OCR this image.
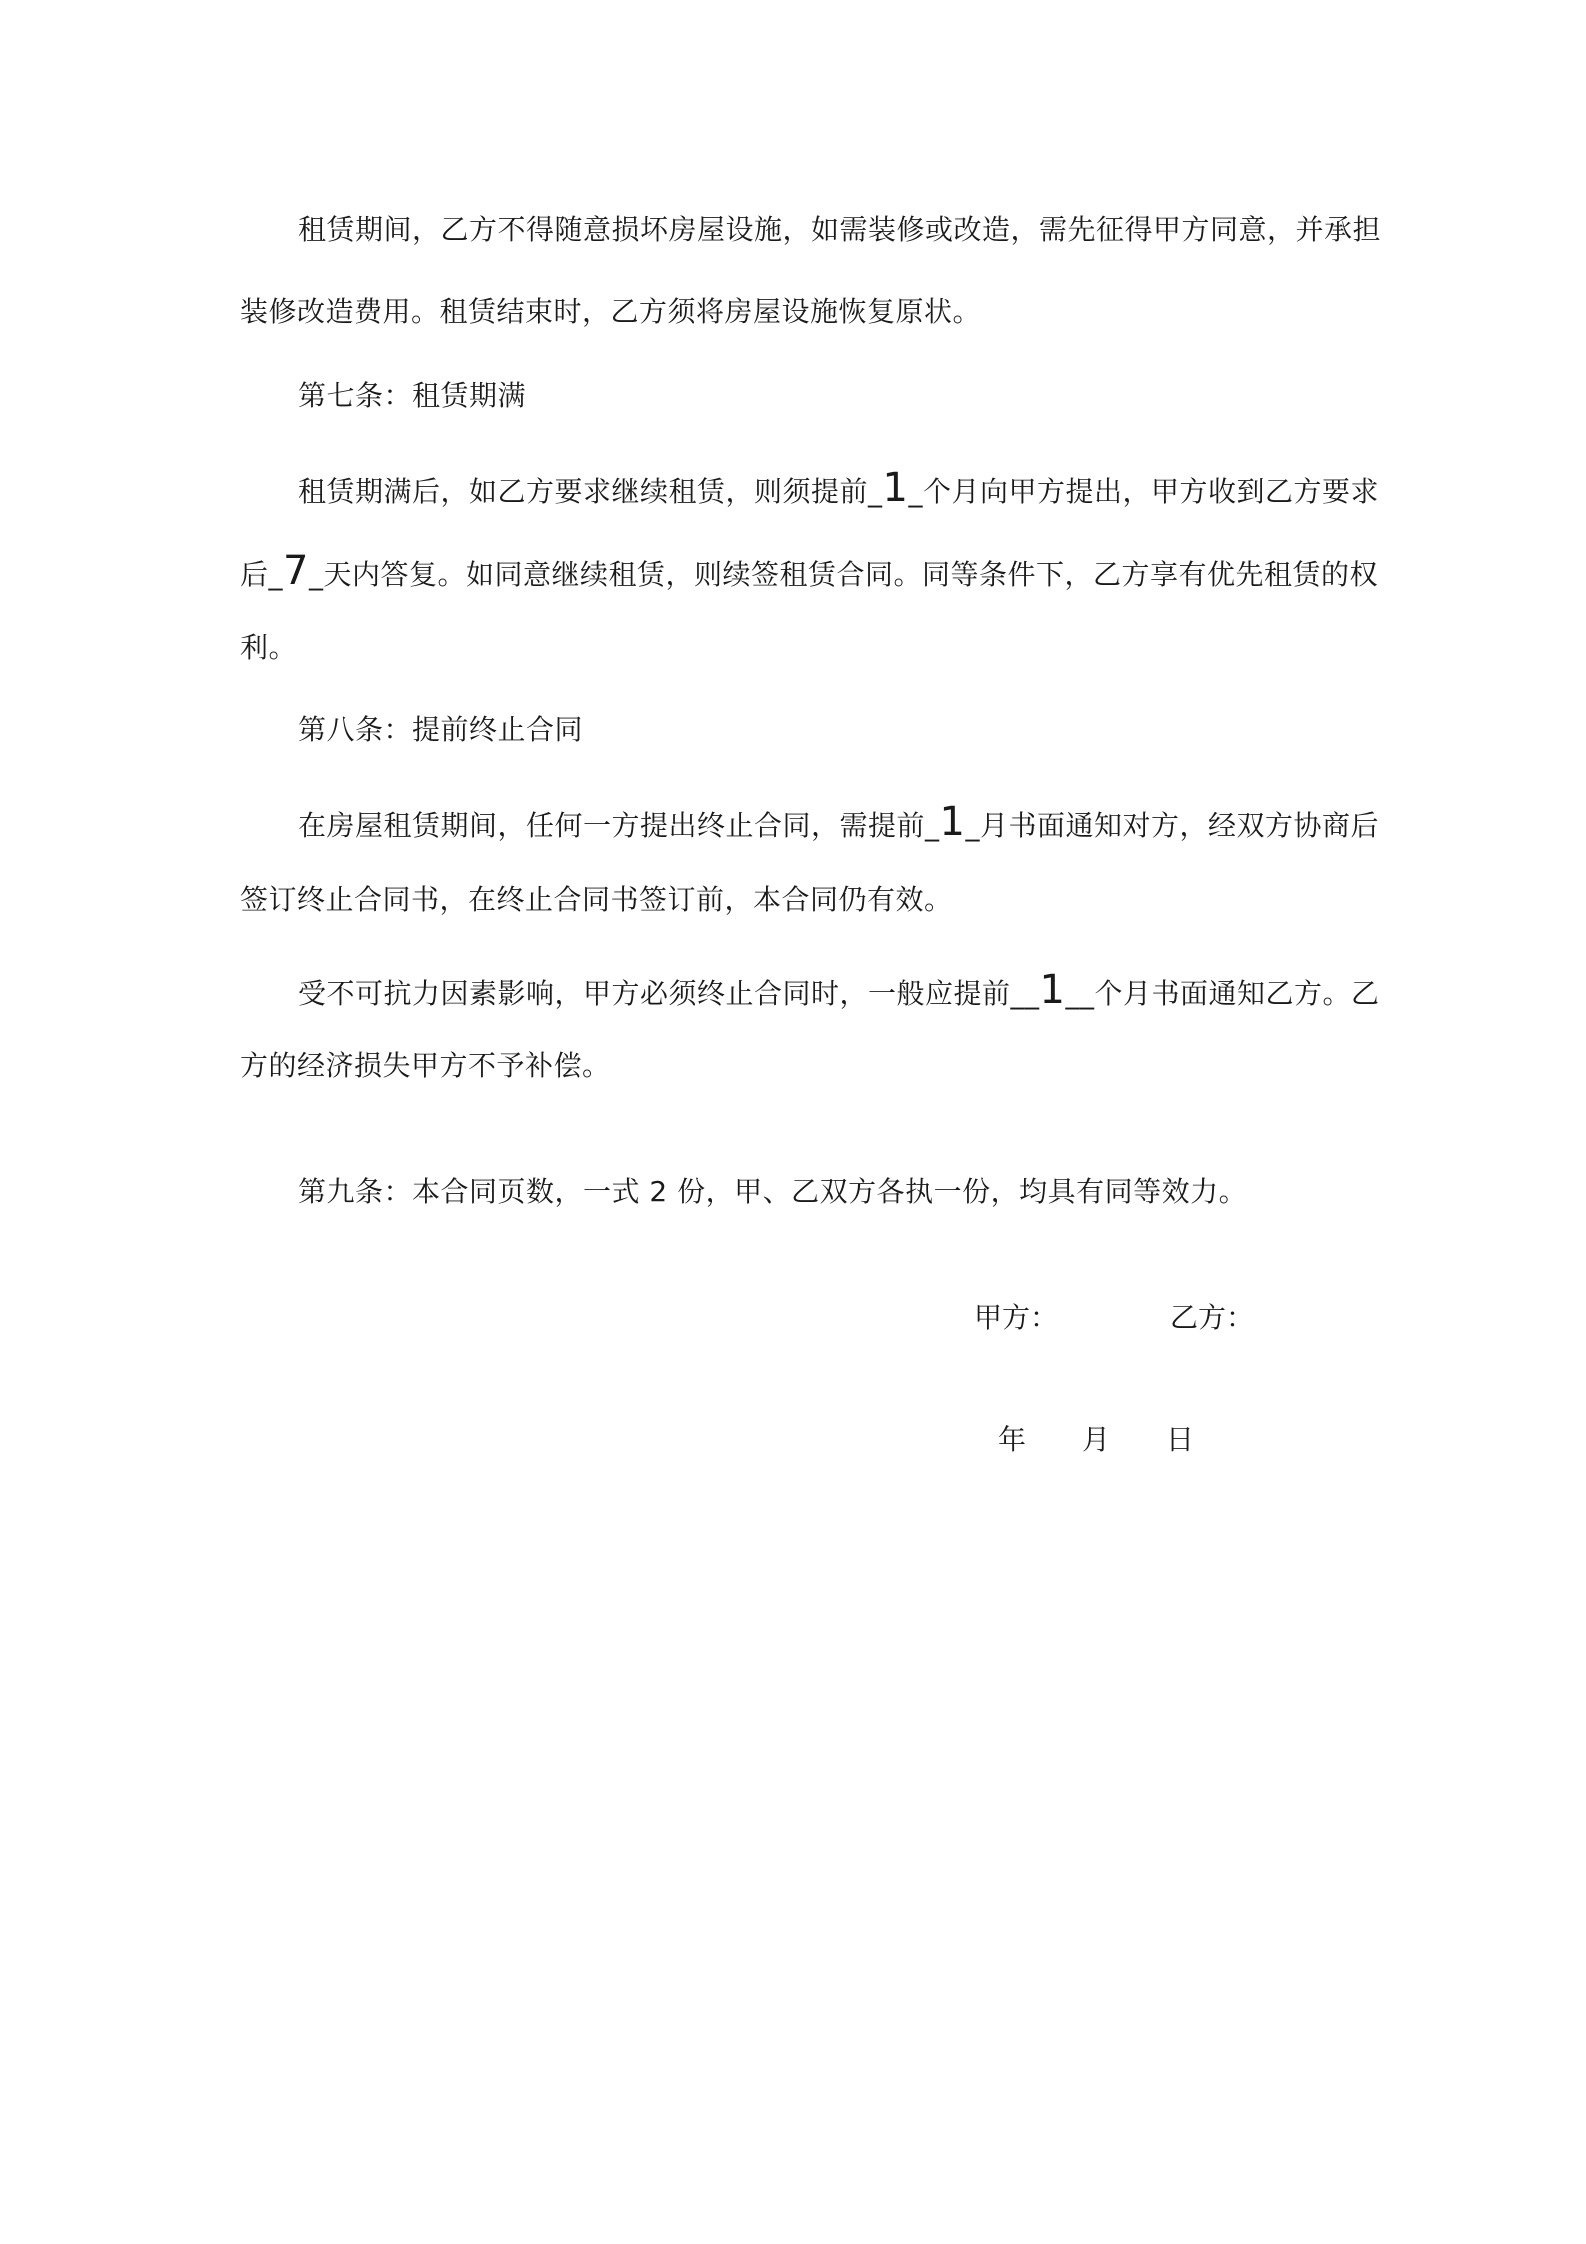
租赁期间，乙方不得随意损坏房屋设施，如需装修或改造，需先征得甲方同意，并承担
装修改造费用。租赁结束时，乙方须将房屋设施恢复原状。
第七条：租赁期满
租赁期满后，如乙方要求继续租赁，则须提前_1_个月向甲方提出，甲方收到乙方要求
后_7_天内答复。如同意继续租赁，则续签租赁合同。同等条件下，乙方享有优先租赁的权
利。
第八条：提前终止合同
在房屋租赁期间，任何一方提出终止合同，需提前_1_月书面通知对方，经双方协商后
签订终止合同书，在终止合同书签订前，本合同仍有效。
受不可抗力因素影响，甲方必须终止合同时，一般应提前__1__个月书面通知乙方。乙
方的经济损失甲方不予补偿。
第九条：本合同页数，一式 2 份，甲、乙双方各执一份，均具有同等效力。
甲方：	乙方：
年 月 日
